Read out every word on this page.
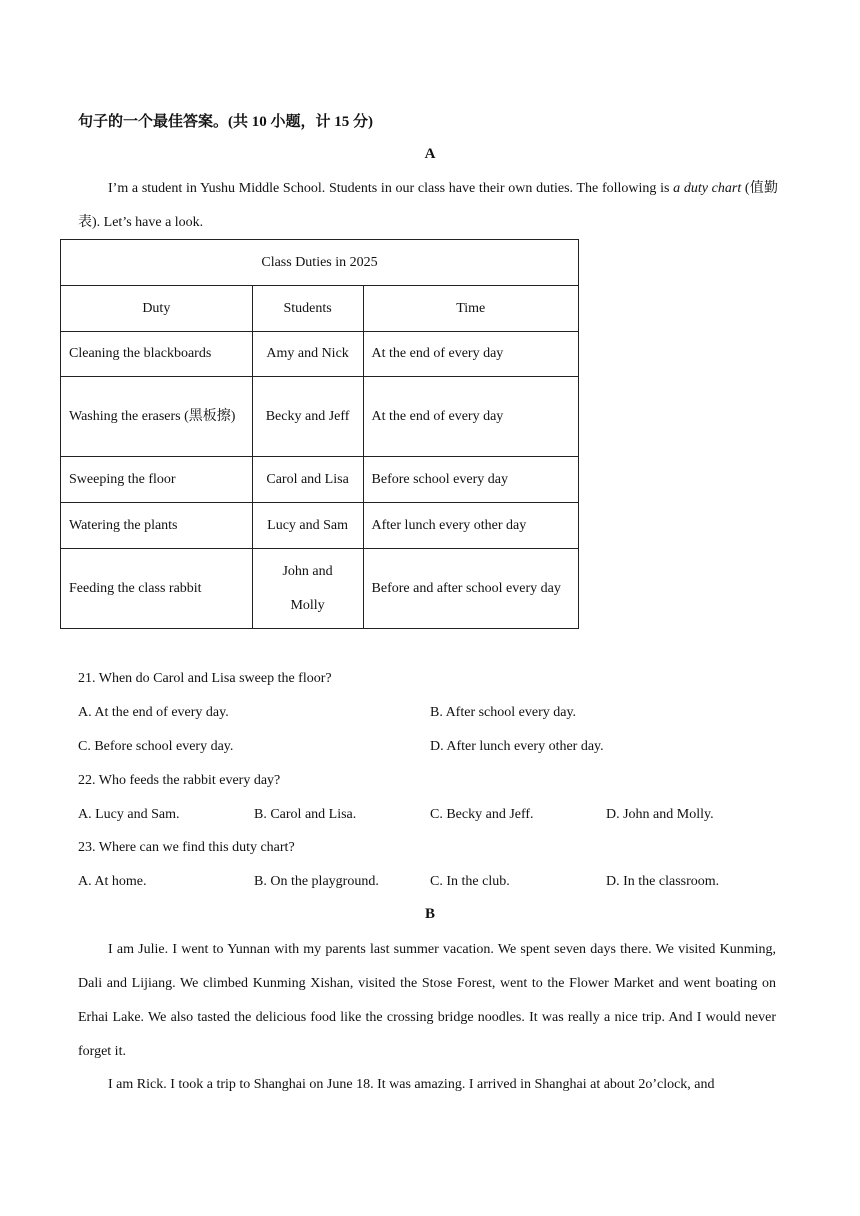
句子的一个最佳答案。(共 10 小题，计 15 分)
A
I’m a student in Yushu Middle School. Students in our class have their own duties. The following is a duty chart (值勤表). Let’s have a look.
Class Duties in 2025		
Duty	Students	Time
Cleaning the blackboards	Amy and Nick	At the end of every day
Washing the erasers (黑板擦)	Becky and Jeff	At the end of every day
Sweeping the floor	Carol and Lisa	Before school every day
Watering the plants	Lucy and Sam	After lunch every other day
Feeding the class rabbit	John and Molly	Before and after school every day
21. When do Carol and Lisa sweep the floor?
A. At the end of every day.	B. After school every day.
C. Before school every day.	D. After lunch every other day.
22. Who feeds the rabbit every day?
A. Lucy and Sam.	B. Carol and Lisa.	C. Becky and Jeff.	D. John and Molly.
23. Where can we find this duty chart?
A. At home.	B. On the playground.	C. In the club.	D. In the classroom.
B
I am Julie. I went to Yunnan with my parents last summer vacation. We spent seven days there. We visited Kunming, Dali and Lijiang. We climbed Kunming Xishan, visited the Stose Forest, went to the Flower Market and went boating on Erhai Lake. We also tasted the delicious food like the crossing bridge noodles. It was really a nice trip. And I would never forget it.
I am Rick. I took a trip to Shanghai on June 18. It was amazing. I arrived in Shanghai at about 2o’clock, and
